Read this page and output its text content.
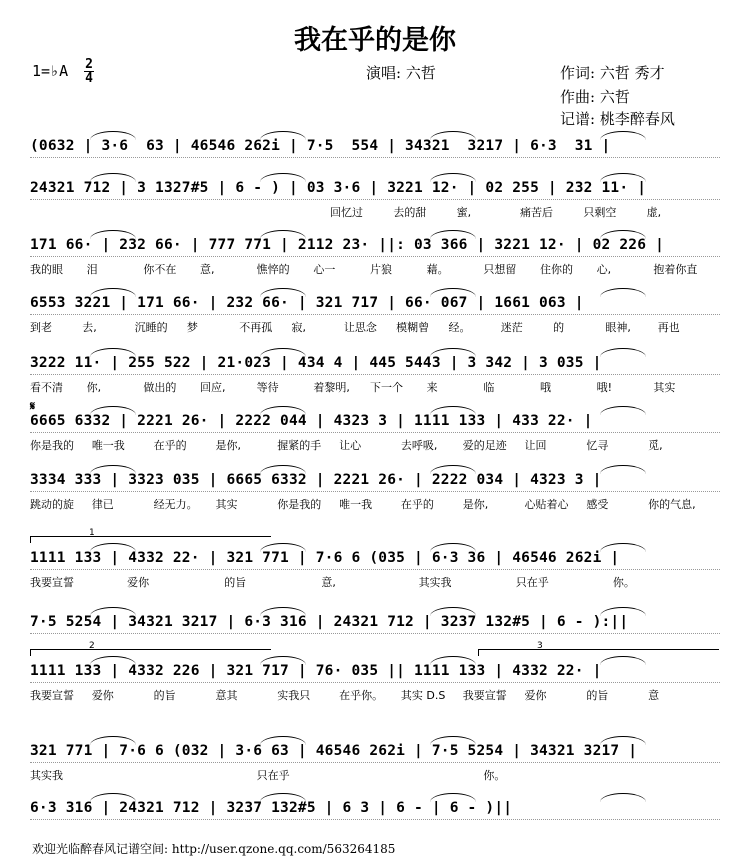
我在乎的是你
1=♭A 2
4	演唱: 六哲	作词: 六哲 秀才
作曲: 六哲
记谱: 桃李醉春风
(0632 | 3·6  63 | 46546 262i | 7·5  554 | 34321  3217 | 6·3  31 |
24321 712 | 3 1327#5 | 6 - ) | 03 3·6 | 3221 12· | 02 255 | 232 11· |
回忆过	去的甜	蜜,	痛苦后	只剩空	虚,
171 66· | 232 66· | 777 771 | 2112 23· ||: 03 366 | 3221 12· | 02 226 |
我的眼 泪	你不在 意,	憔悴的 心一	片狼	藉。	只想留 住你的 心,	抱着你直
6553 3221 | 171 66· | 232 66· | 321 717 | 66· 067 | 1661 063 |
到老	去,	沉睡的 梦	不再孤 寂,	让思念 模糊曾 经。	迷茫	的	眼神, 再也
3222 11· | 255 522 | 21·023 | 434 4 | 445 5443 | 3 342 | 3 035 |
看不清 你,	做出的 回应,	等待	着黎明, 下一个 来	临	哦	哦!	其实
6665 ‌6332 | 2221 26· | 2222 044 | 4323 3 | 1111 133 | 433 22· |
你是我的 唯一我	在乎的	是你,	握紧的手 让心	去呼吸, 爱的足迹 让回	忆寻	觅,
3334 333 | 3323 035 | 6665 6332 | 2221 26· | 2222 034 | 4323 3 |
跳动的旋 律已	经无力。 其实	你是我的 唯一我	在乎的	是你,	心贴着心 感受	你的气息,
1111 133 | 4332 22· | 321 771 | 7·6 6 (035 | 6·3 36 | 46546 262i |
我要宣誓	爱你	的旨	意,	其实我	只在乎	你。
7·5 5254 | 34321 3217 | 6·3 316 | 24321 712 | 3237 132#5 | 6 - ):||
1111 133 | 4332 226 | 321 717 | 76· 035 || 1111 133 | 4332 22· |
我要宣誓 爱你	的旨	意其	实我只	在乎你。 其实 D.S 我要宣誓 爱你	的旨	意
321 771 | 7·6 6 (032 | 3·6 63 | 46546 262i | 7·5 5254 | 34321 3217 |
其实我	只在乎	你。
6·3 316 | 24321 712 | 3237 132#5 | 6 3 | 6 - | 6 - )||
欢迎光临醉春风记谱空间: http://user.qzone.qq.com/563264185
1
2	3
𝄋
